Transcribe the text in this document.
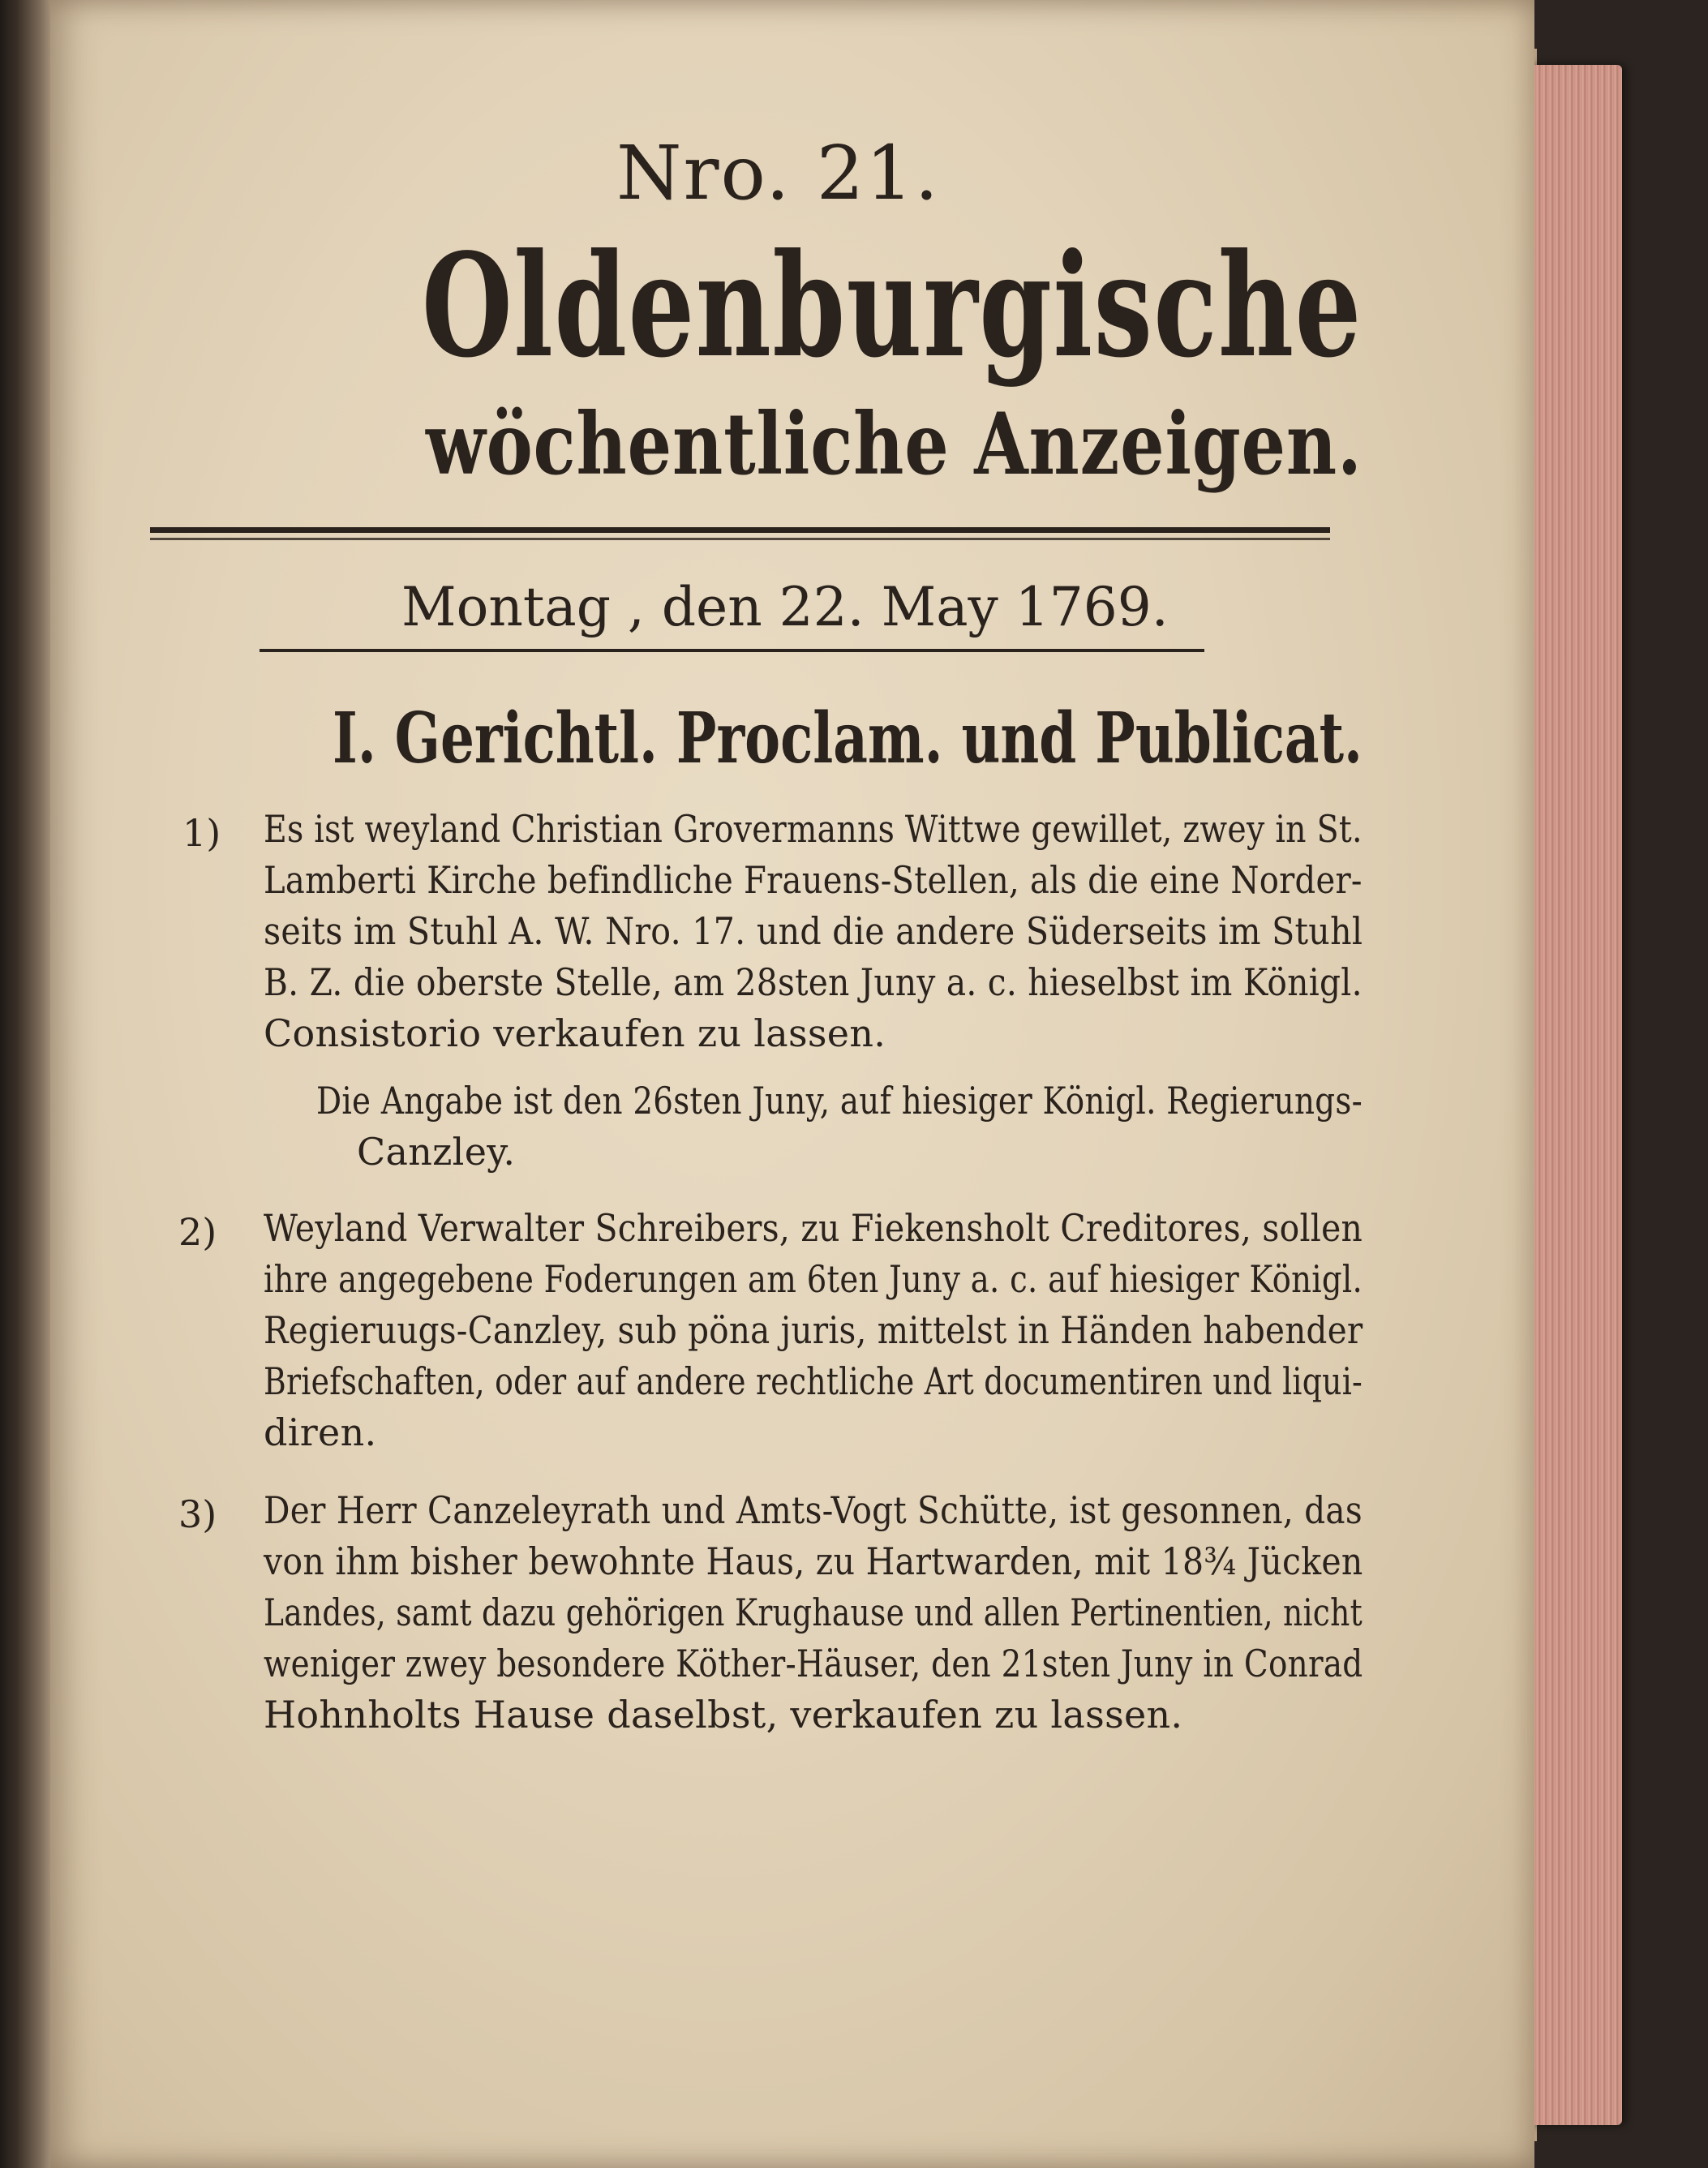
Nro. 21.
Oldenburgische
wöchentliche Anzeigen.
Montag , den 22. May 1769.
I. Gerichtl. Proclam. und Publicat.
1) Es ist weyland Christian Grovermanns Wittwe gewillet, zwey in St.
Lamberti Kirche befindliche Frauens-Stellen, als die eine Norder-
seits im Stuhl A. W. Nro. 17. und die andere Süderseits im Stuhl
B. Z. die oberste Stelle, am 28sten Juny a. c. hieselbst im Königl.
Consistorio verkaufen zu lassen.
Die Angabe ist den 26sten Juny, auf hiesiger Königl. Regierungs-
Canzley.
2) Weyland Verwalter Schreibers, zu Fiekensholt Creditores, sollen
ihre angegebene Foderungen am 6ten Juny a. c. auf hiesiger Königl.
Regieruugs-Canzley, sub pöna juris, mittelst in Händen habender
Briefschaften, oder auf andere rechtliche Art documentiren und liqui-
diren.
3) Der Herr Canzeleyrath und Amts-Vogt Schütte, ist gesonnen, das
von ihm bisher bewohnte Haus, zu Hartwarden, mit 18¾ Jücken
Landes, samt dazu gehörigen Krughause und allen Pertinentien, nicht
weniger zwey besondere Köther-Häuser, den 21sten Juny in Conrad
Hohnholts Hause daselbst, verkaufen zu lassen.
